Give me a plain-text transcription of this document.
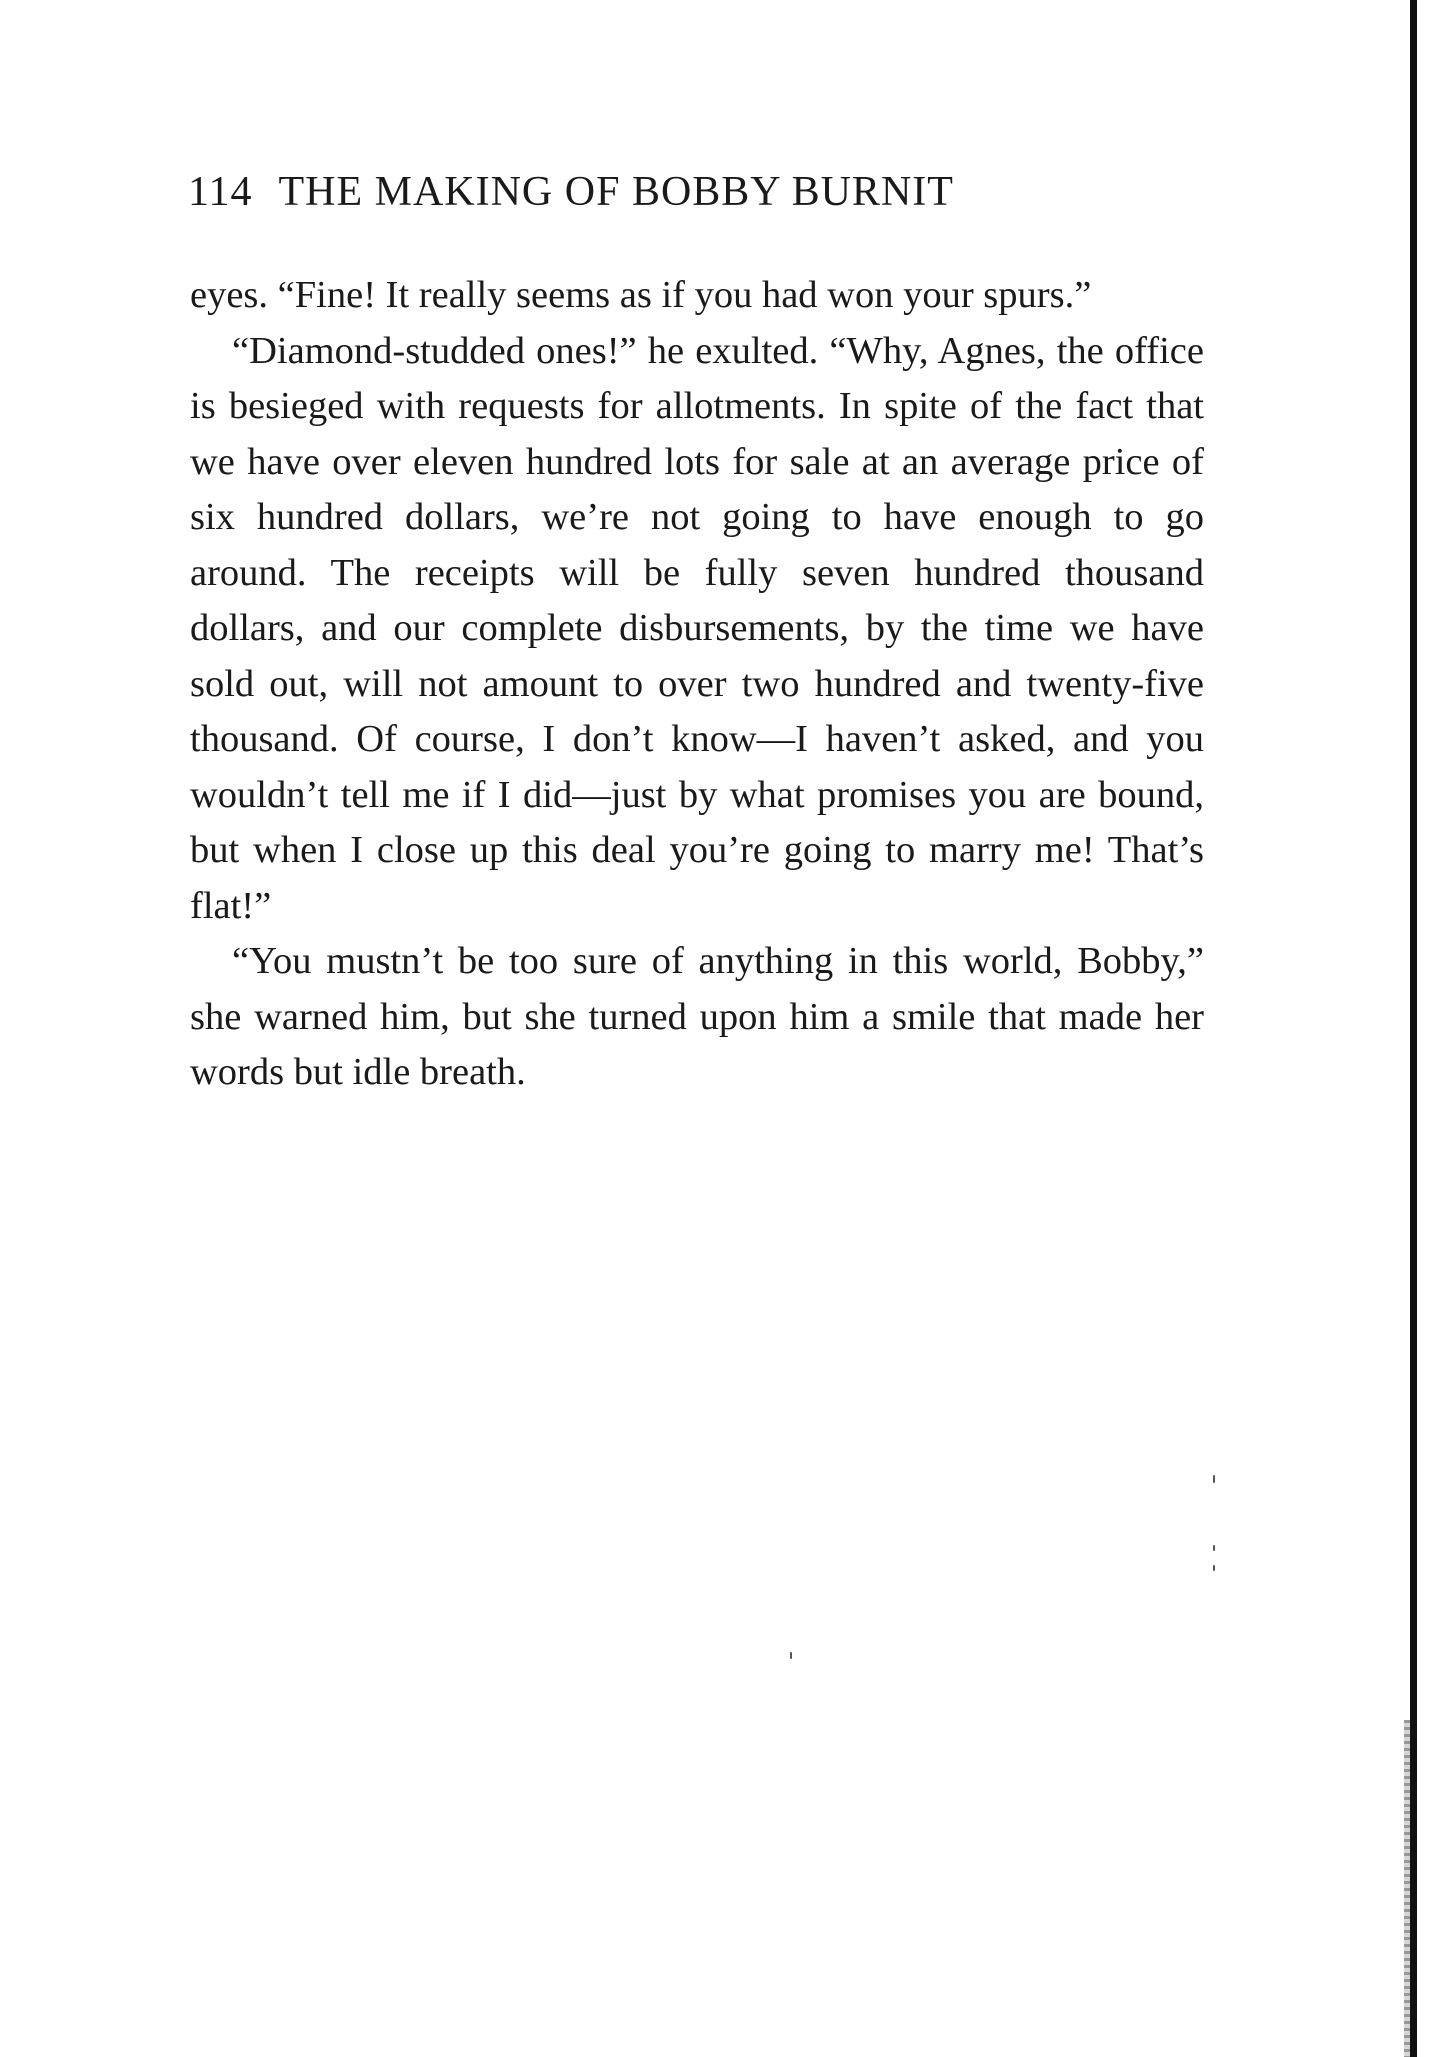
114 THE MAKING OF BOBBY BURNIT

eyes. “Fine! It really seems as if you had won your spurs.”

“Diamond-studded ones!” he exulted. “Why, Agnes, the office is besieged with requests for allotments. In spite of the fact that we have over eleven hundred lots for sale at an average price of six hundred dollars, we’re not going to have enough to go around. The receipts will be fully seven hundred thousand dollars, and our complete disbursements, by the time we have sold out, will not amount to over two hundred and twenty-five thousand. Of course, I don’t know—I haven’t asked, and you wouldn’t tell me if I did—just by what promises you are bound, but when I close up this deal you’re going to marry me! That’s flat!”

“You mustn’t be too sure of anything in this world, Bobby,” she warned him, but she turned upon him a smile that made her words but idle breath.
